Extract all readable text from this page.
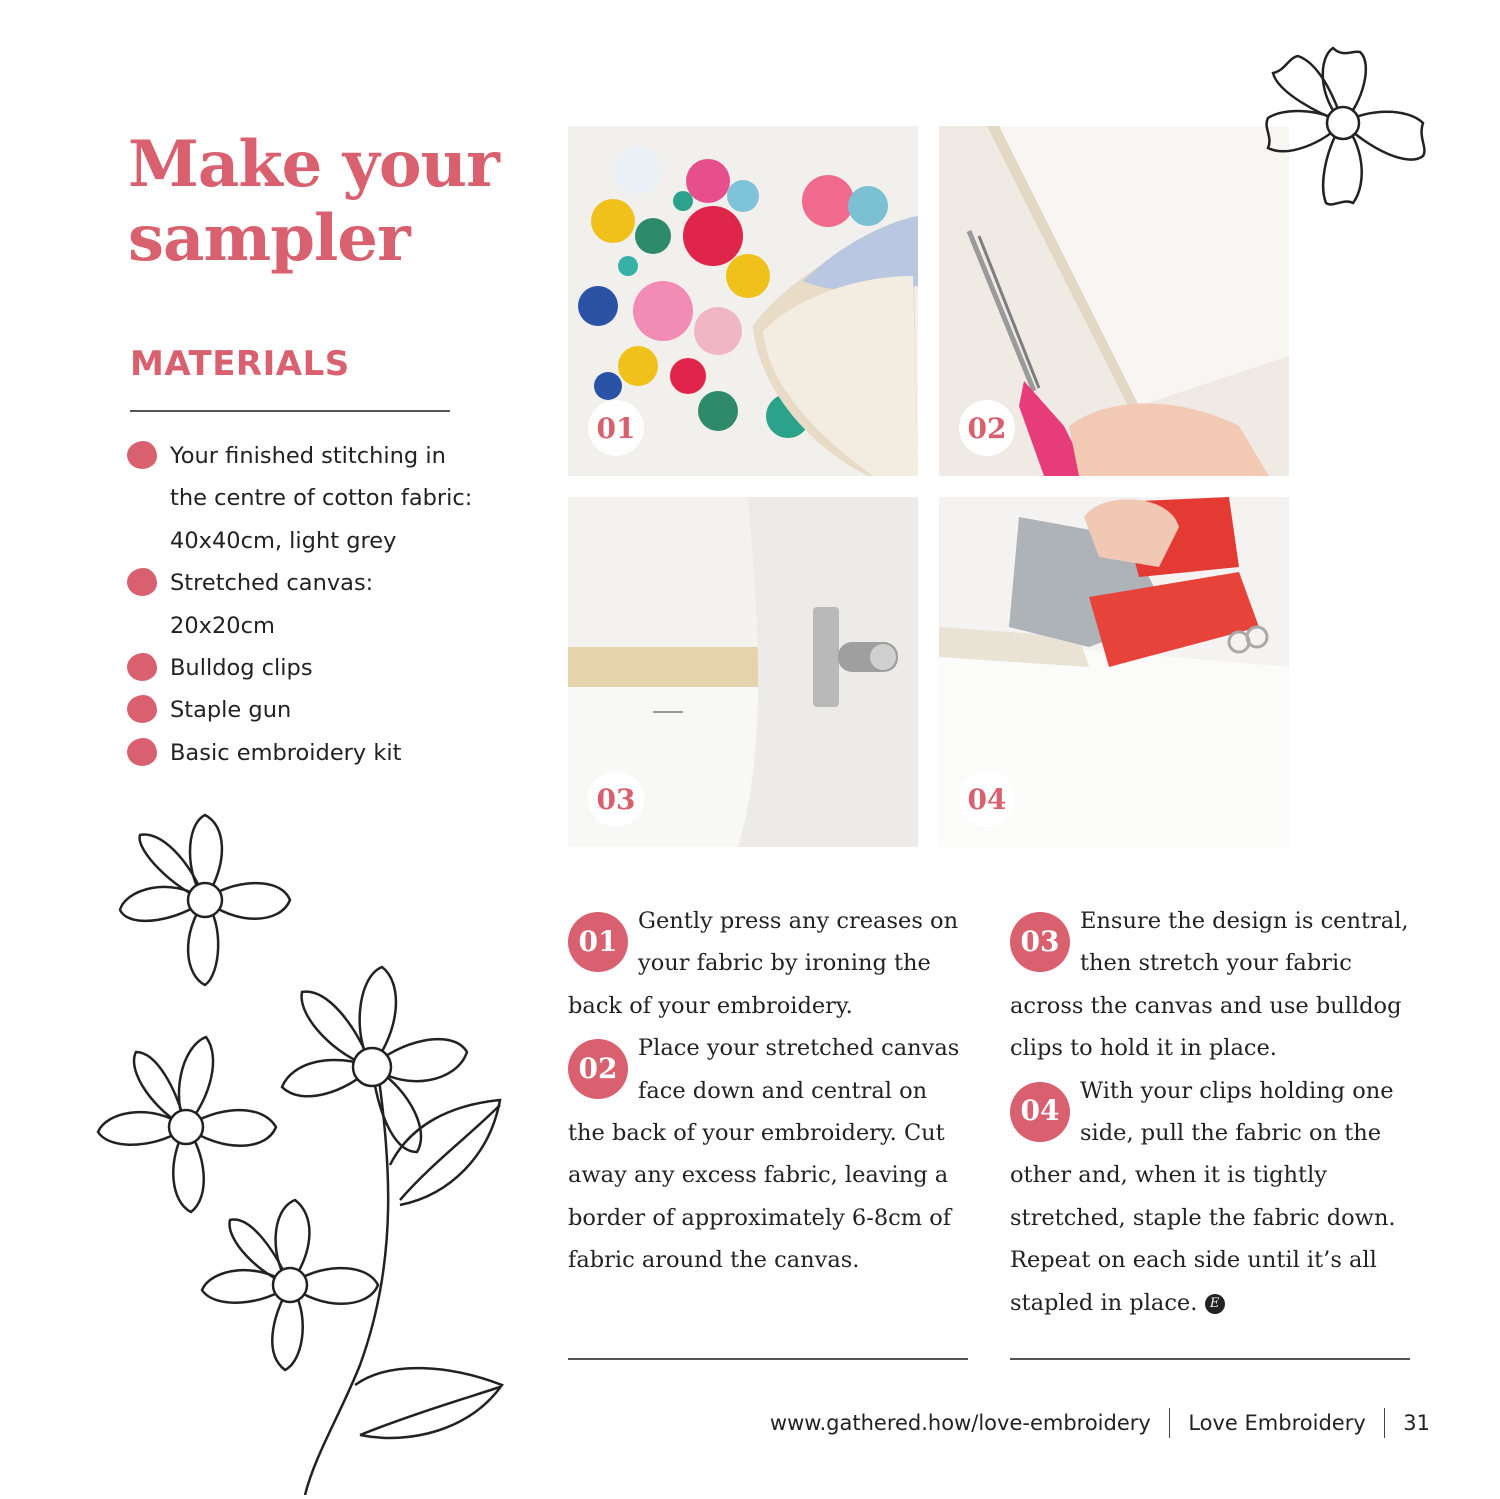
Make your
sampler
MATERIALS
Your finished stitching in the centre of cotton fabric: 40x40cm, light grey
Stretched canvas: 20x20cm
Bulldog clips
Staple gun
Basic embroidery kit
01	02
03	04

01
Gently press any creases on your fabric by ironing the back of your embroidery.

02
Place your stretched canvas face down and central on the back of your embroidery. Cut away any excess fabric, leaving a border of approximately 6-8cm of fabric around the canvas.

03
Ensure the design is central, then stretch your fabric across the canvas and use bulldog clips to hold it in place.

04
With your clips holding one side, pull the fabric on the other and, when it is tightly stretched, staple the fabric down. Repeat on each side until it’s all stapled in place. E

www.gathered.how/love-embroidery Love Embroidery 31
